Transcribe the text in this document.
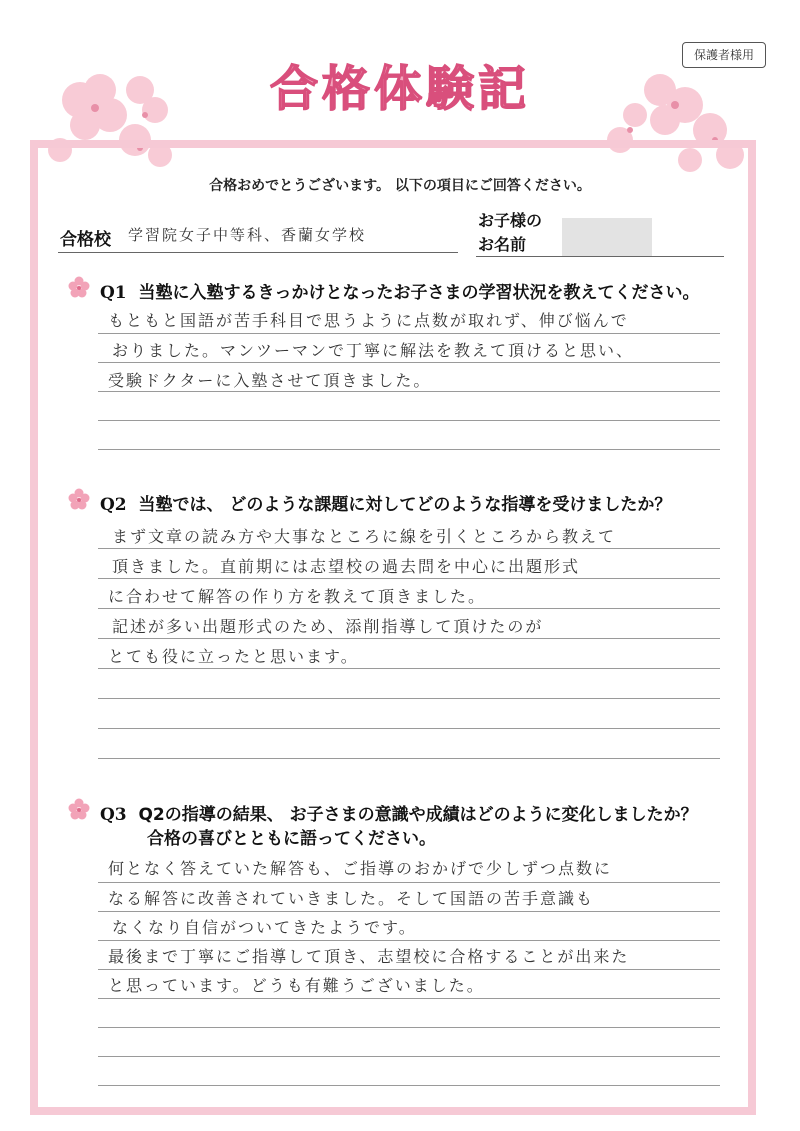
保護者様用
合格体験記
合格おめでとうございます。 以下の項目にご回答ください。
合格校 学習院女子中等科、香蘭女学校
お子様の
お名前
Q1 当塾に入塾するきっかけとなったお子さまの学習状況を教えてください。
もともと国語が苦手科目で思うように点数が取れず、伸び悩んで
おりました。マンツーマンで丁寧に解法を教えて頂けると思い、
受験ドクターに入塾させて頂きました。
Q2 当塾では、 どのような課題に対してどのような指導を受けましたか？
まず文章の読み方や大事なところに線を引くところから教えて
頂きました。直前期には志望校の過去問を中心に出題形式
に合わせて解答の作り方を教えて頂きました。
記述が多い出題形式のため、添削指導して頂けたのが
とても役に立ったと思います。
Q3 Q2の指導の結果、 お子さまの意識や成績はどのように変化しましたか？
合格の喜びとともに語ってください。
何となく答えていた解答も、ご指導のおかげで少しずつ点数に
なる解答に改善されていきました。そして国語の苦手意識も
なくなり自信がついてきたようです。
最後まで丁寧にご指導して頂き、志望校に合格することが出来た
と思っています。どうも有難うございました。
